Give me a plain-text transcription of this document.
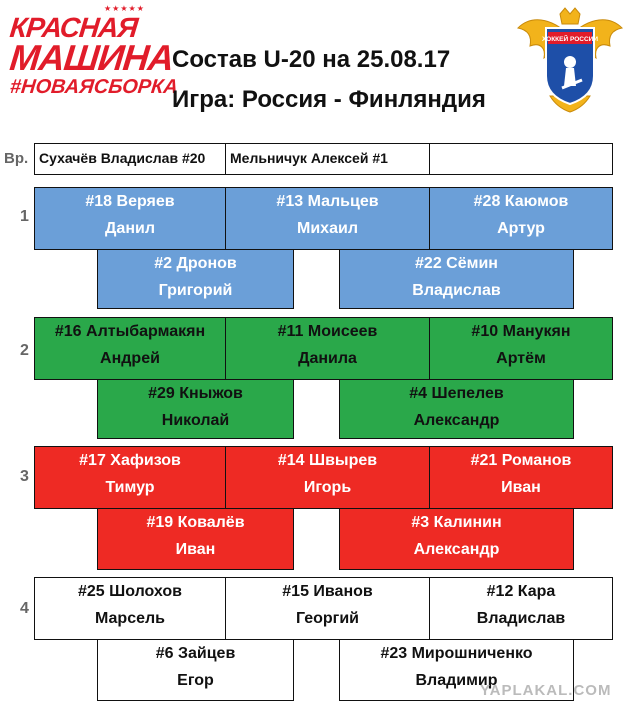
КРАСНАЯ
МАШИНА
#НОВАЯСБОРКА
★★★★★
Состав U-20 на 25.08.17
Игра: Россия - Финляндия
ХОККЕЙ РОССИИ
Вр. Сухачёв Владислав #20	Мельничук Алексей #1
1
#18 Веряев
Данил
#13 Мальцев
Михаил
#28 Каюмов
Артур
#2 Дронов
Григорий
#22 Сёмин
Владислав
2
#16 Алтыбармакян
Андрей
#11 Моисеев
Данила
#10 Манукян
Артём
#29 Кныжов
Николай
#4 Шепелев
Александр
3
#17 Хафизов
Тимур
#14 Швырев
Игорь
#21 Романов
Иван
#19 Ковалёв
Иван
#3 Калинин
Александр
4
#25 Шолохов
Марсель
#15 Иванов
Георгий
#12 Кара
Владислав
#6 Зайцев
Егор
#23 Мирошниченко
Владимир
YAPLAKAL.COM
